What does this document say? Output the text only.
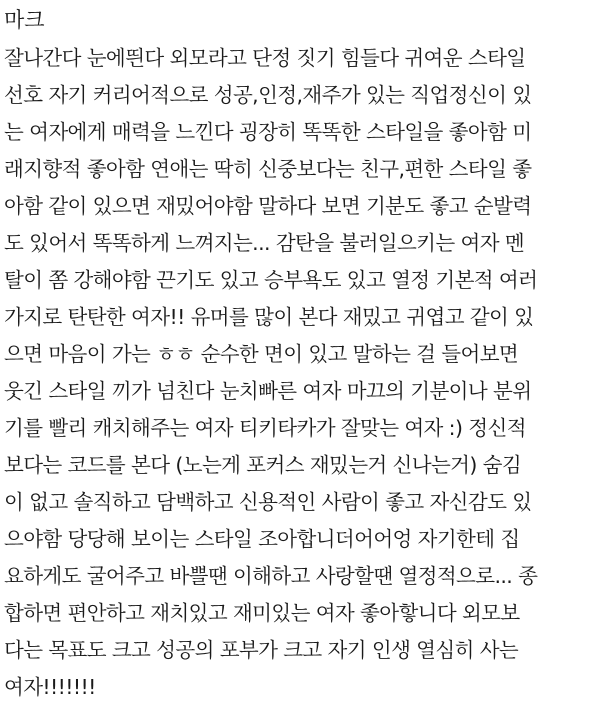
마크
잘나간다 눈에띈다 외모라고 단정 짓기 힘들다 귀여운 스타일
선호 자기 커리어적으로 성공,인정,재주가 있는 직업정신이 있
는 여자에게 매력을 느낀다 굉장히 똑똑한 스타일을 좋아함 미
래지향적 좋아함 연애는 딱히 신중보다는 친구,편한 스타일 좋
아함 같이 있으면 재밌어야함 말하다 보면 기분도 좋고 순발력
도 있어서 똑똑하게 느껴지는... 감탄을 불러일으키는 여자 멘
탈이 쫌 강해야함 끈기도 있고 승부욕도 있고 열정 기본적 여러
가지로 탄탄한 여자!! 유머를 많이 본다 재밌고 귀엽고 같이 있
으면 마음이 가는 ㅎㅎ 순수한 면이 있고 말하는 걸 들어보면
웃긴 스타일 끼가 넘친다 눈치빠른 여자 마끄의 기분이나 분위
기를 빨리 캐치해주는 여자 티키타카가 잘맞는 여자 :) 정신적
보다는 코드를 본다 (노는게 포커스 재밌는거 신나는거) 숨김
이 없고 솔직하고 담백하고 신용적인 사람이 좋고 자신감도 있
으야함 당당해 보이는 스타일 조아합니더어어엉 자기한테 집
요하게도 굴어주고 바쁠땐 이해하고 사랑할땐 열정적으로... 종
합하면 편안하고 재치있고 재미있는 여자 좋아핳니다 외모보
다는 목표도 크고 성공의 포부가 크고 자기 인생 열심히 사는
여자!!!!!!!
